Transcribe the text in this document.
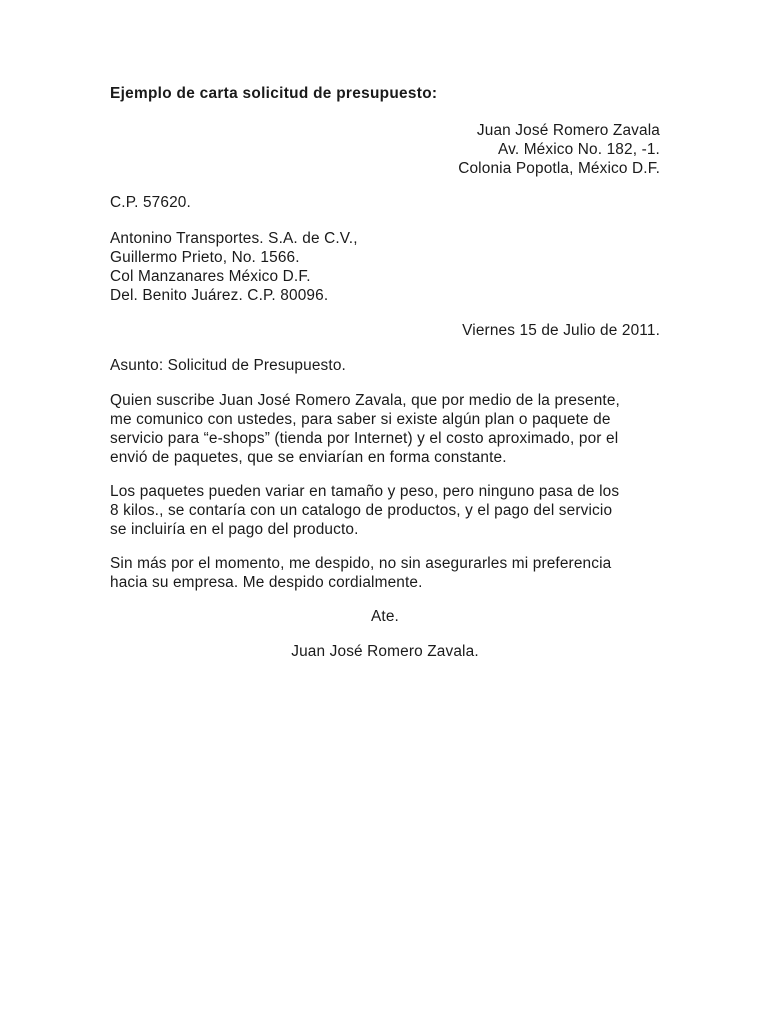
Ejemplo de carta solicitud de presupuesto:

Juan José Romero Zavala
Av. México No. 182, -1.
Colonia Popotla, México D.F.

C.P. 57620.

Antonino Transportes. S.A. de C.V.,
Guillermo Prieto, No. 1566.
Col Manzanares México D.F.
Del. Benito Juárez. C.P. 80096.

Viernes 15 de Julio de 2011.

Asunto: Solicitud de Presupuesto.

Quien suscribe Juan José Romero Zavala, que por medio de la presente,
me comunico con ustedes, para saber si existe algún plan o paquete de
servicio para “e-shops” (tienda por Internet) y el costo aproximado, por el
envió de paquetes, que se enviarían en forma constante.
Los paquetes pueden variar en tamaño y peso, pero ninguno pasa de los
8 kilos., se contaría con un catalogo de productos, y el pago del servicio
se incluiría en el pago del producto.
Sin más por el momento, me despido, no sin asegurarles mi preferencia
hacia su empresa. Me despido cordialmente.

Ate.

Juan José Romero Zavala.
